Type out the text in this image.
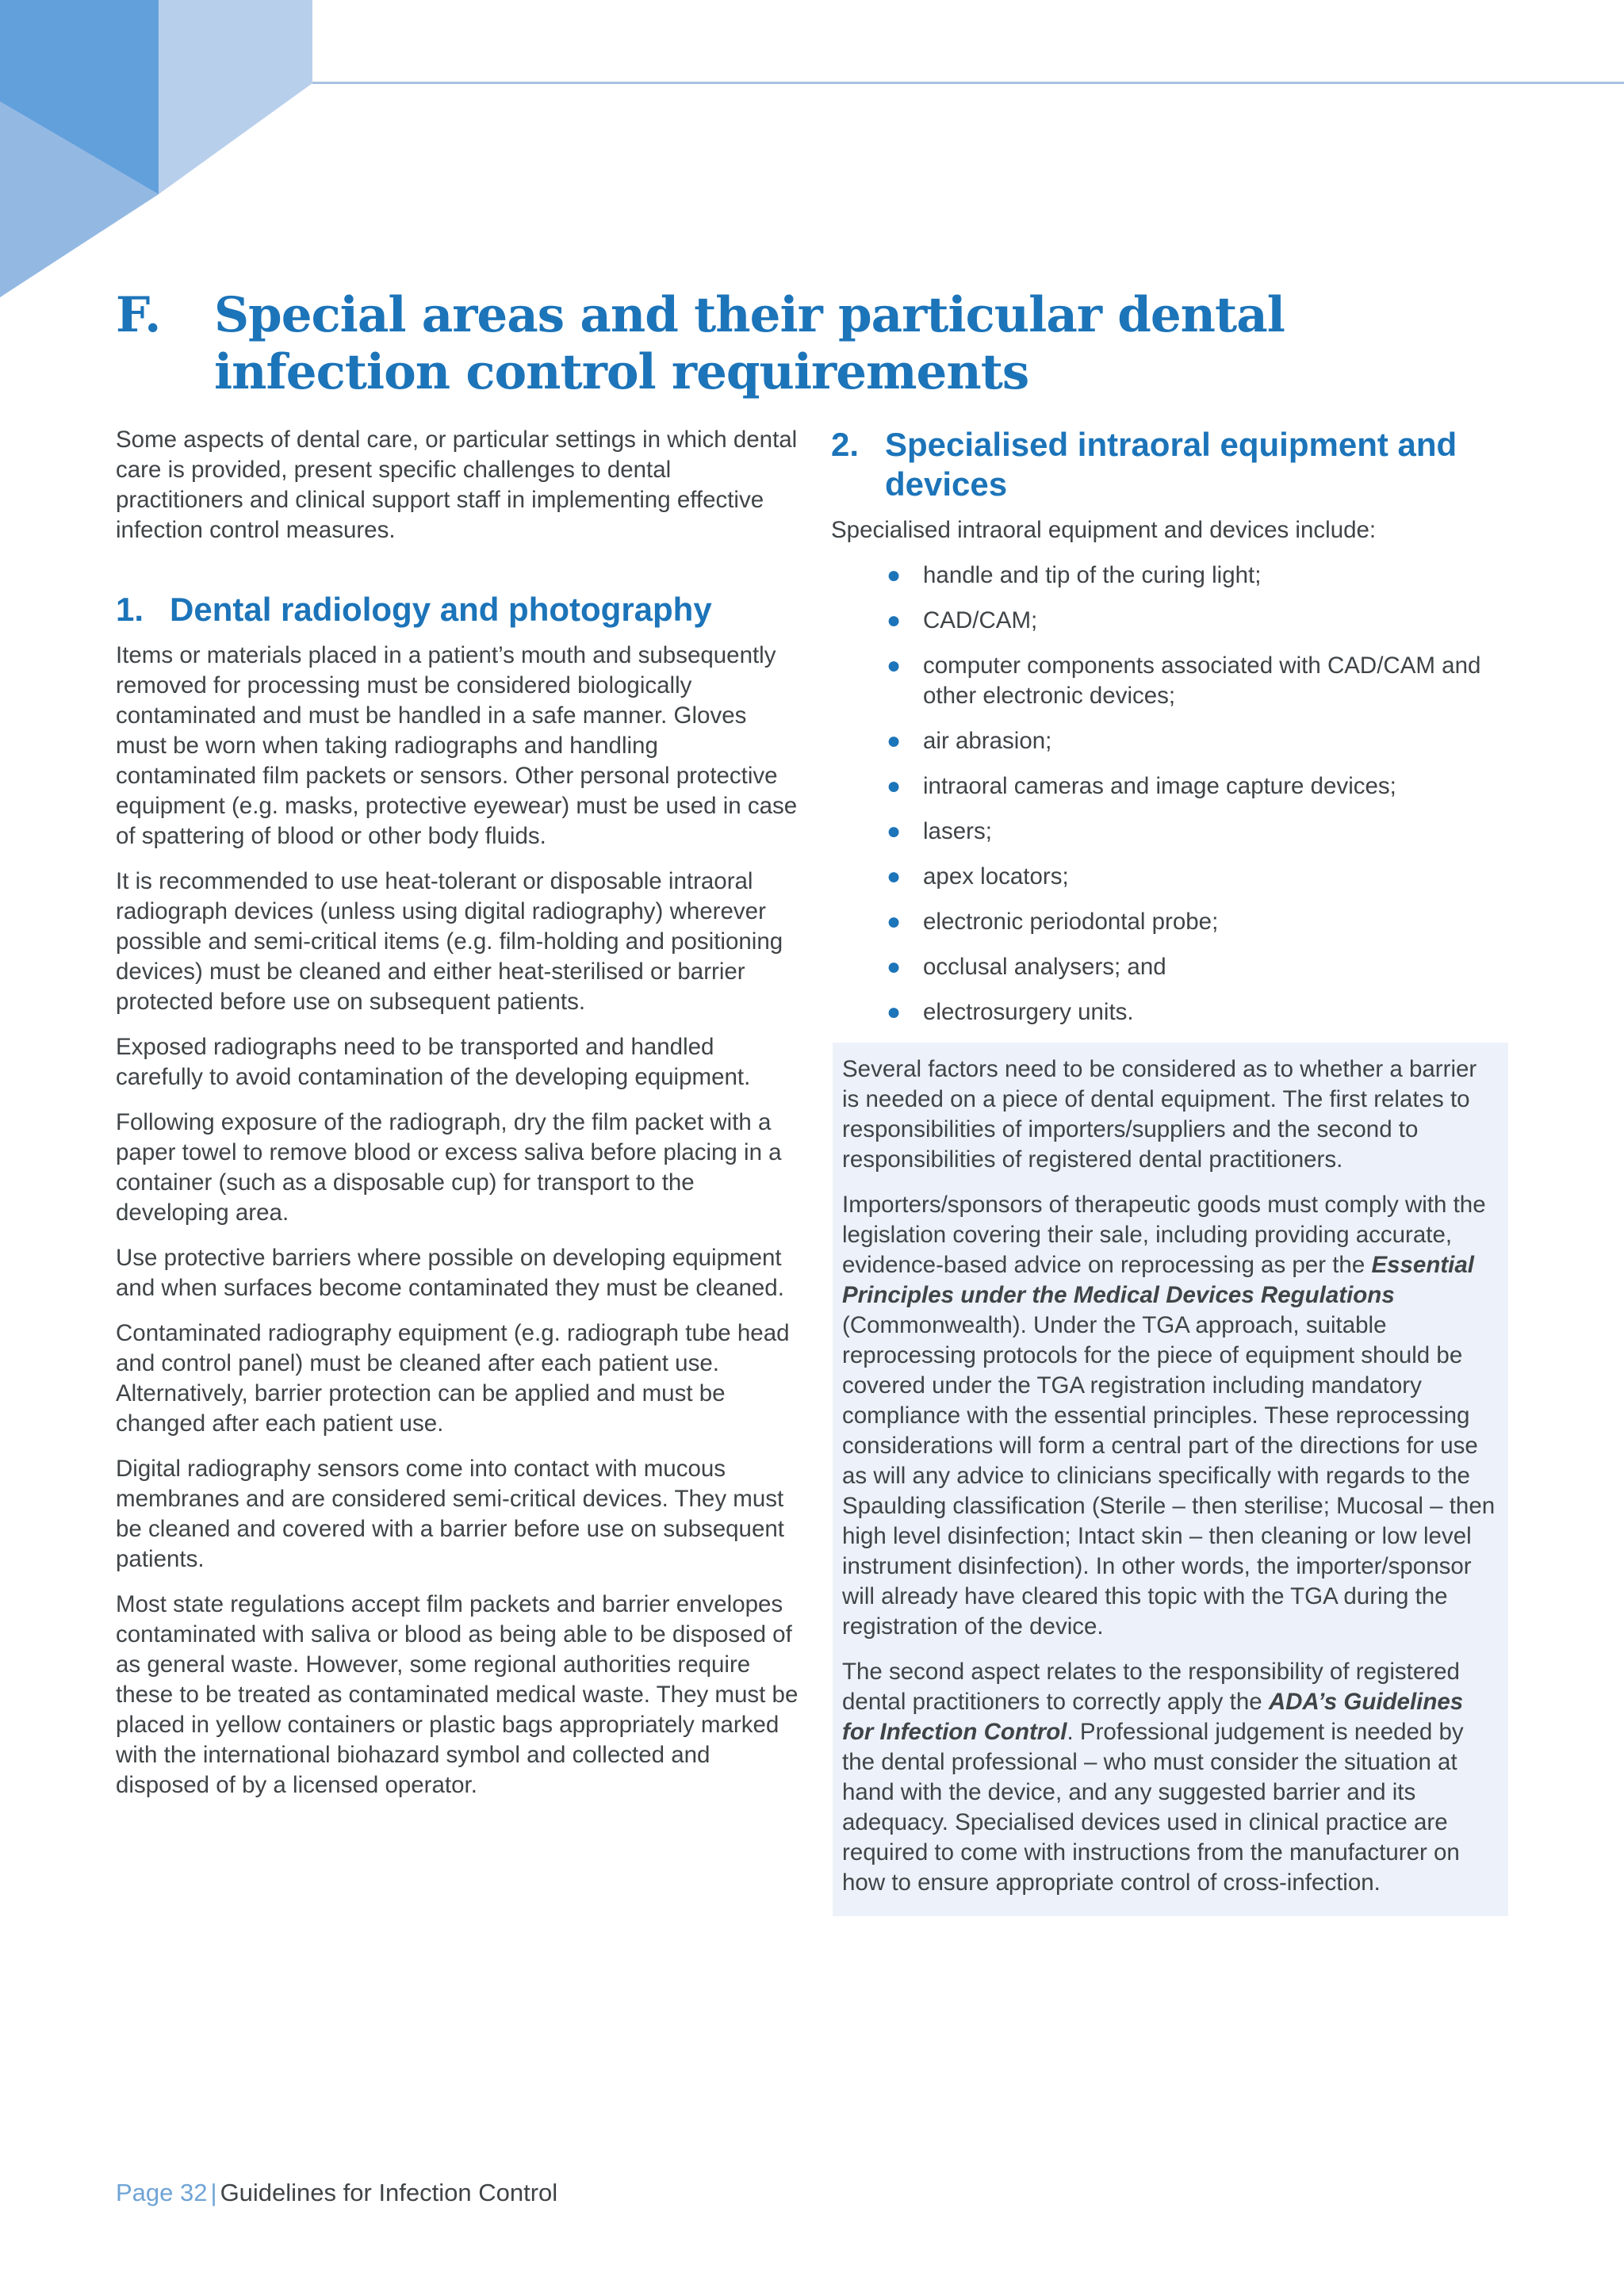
F. Special areas and their particular dental infection control requirements

Some aspects of dental care, or particular settings in which dental care is provided, present specific challenges to dental practitioners and clinical support staff in implementing effective infection control measures.

1. Dental radiology and photography

Items or materials placed in a patient’s mouth and subsequently removed for processing must be considered biologically contaminated and must be handled in a safe manner. Gloves must be worn when taking radiographs and handling contaminated film packets or sensors. Other personal protective equipment (e.g. masks, protective eyewear) must be used in case of spattering of blood or other body fluids.

It is recommended to use heat-tolerant or disposable intraoral radiograph devices (unless using digital radiography) wherever possible and semi-critical items (e.g. film-holding and positioning devices) must be cleaned and either heat-sterilised or barrier protected before use on subsequent patients.

Exposed radiographs need to be transported and handled carefully to avoid contamination of the developing equipment.

Following exposure of the radiograph, dry the film packet with a paper towel to remove blood or excess saliva before placing in a container (such as a disposable cup) for transport to the developing area.

Use protective barriers where possible on developing equipment and when surfaces become contaminated they must be cleaned.

Contaminated radiography equipment (e.g. radiograph tube head and control panel) must be cleaned after each patient use. Alternatively, barrier protection can be applied and must be changed after each patient use.

Digital radiography sensors come into contact with mucous membranes and are considered semi-critical devices. They must be cleaned and covered with a barrier before use on subsequent patients.

Most state regulations accept film packets and barrier envelopes contaminated with saliva or blood as being able to be disposed of as general waste. However, some regional authorities require these to be treated as contaminated medical waste. They must be placed in yellow containers or plastic bags appropriately marked with the international biohazard symbol and collected and disposed of by a licensed operator.

2. Specialised intraoral equipment and devices

Specialised intraoral equipment and devices include:

● handle and tip of the curing light;
● CAD/CAM;
● computer components associated with CAD/CAM and other electronic devices;
● air abrasion;
● intraoral cameras and image capture devices;
● lasers;
● apex locators;
● electronic periodontal probe;
● occlusal analysers; and
● electrosurgery units.

Several factors need to be considered as to whether a barrier is needed on a piece of dental equipment. The first relates to responsibilities of importers/suppliers and the second to responsibilities of registered dental practitioners.

Importers/sponsors of therapeutic goods must comply with the legislation covering their sale, including providing accurate, evidence-based advice on reprocessing as per the Essential Principles under the Medical Devices Regulations (Commonwealth). Under the TGA approach, suitable reprocessing protocols for the piece of equipment should be covered under the TGA registration including mandatory compliance with the essential principles. These reprocessing considerations will form a central part of the directions for use as will any advice to clinicians specifically with regards to the Spaulding classification (Sterile – then sterilise; Mucosal – then high level disinfection; Intact skin – then cleaning or low level instrument disinfection). In other words, the importer/sponsor will already have cleared this topic with the TGA during the registration of the device.

The second aspect relates to the responsibility of registered dental practitioners to correctly apply the ADA’s Guidelines for Infection Control. Professional judgement is needed by the dental professional – who must consider the situation at hand with the device, and any suggested barrier and its adequacy. Specialised devices used in clinical practice are required to come with instructions from the manufacturer on how to ensure appropriate control of cross-infection.

Page 32 | Guidelines for Infection Control
